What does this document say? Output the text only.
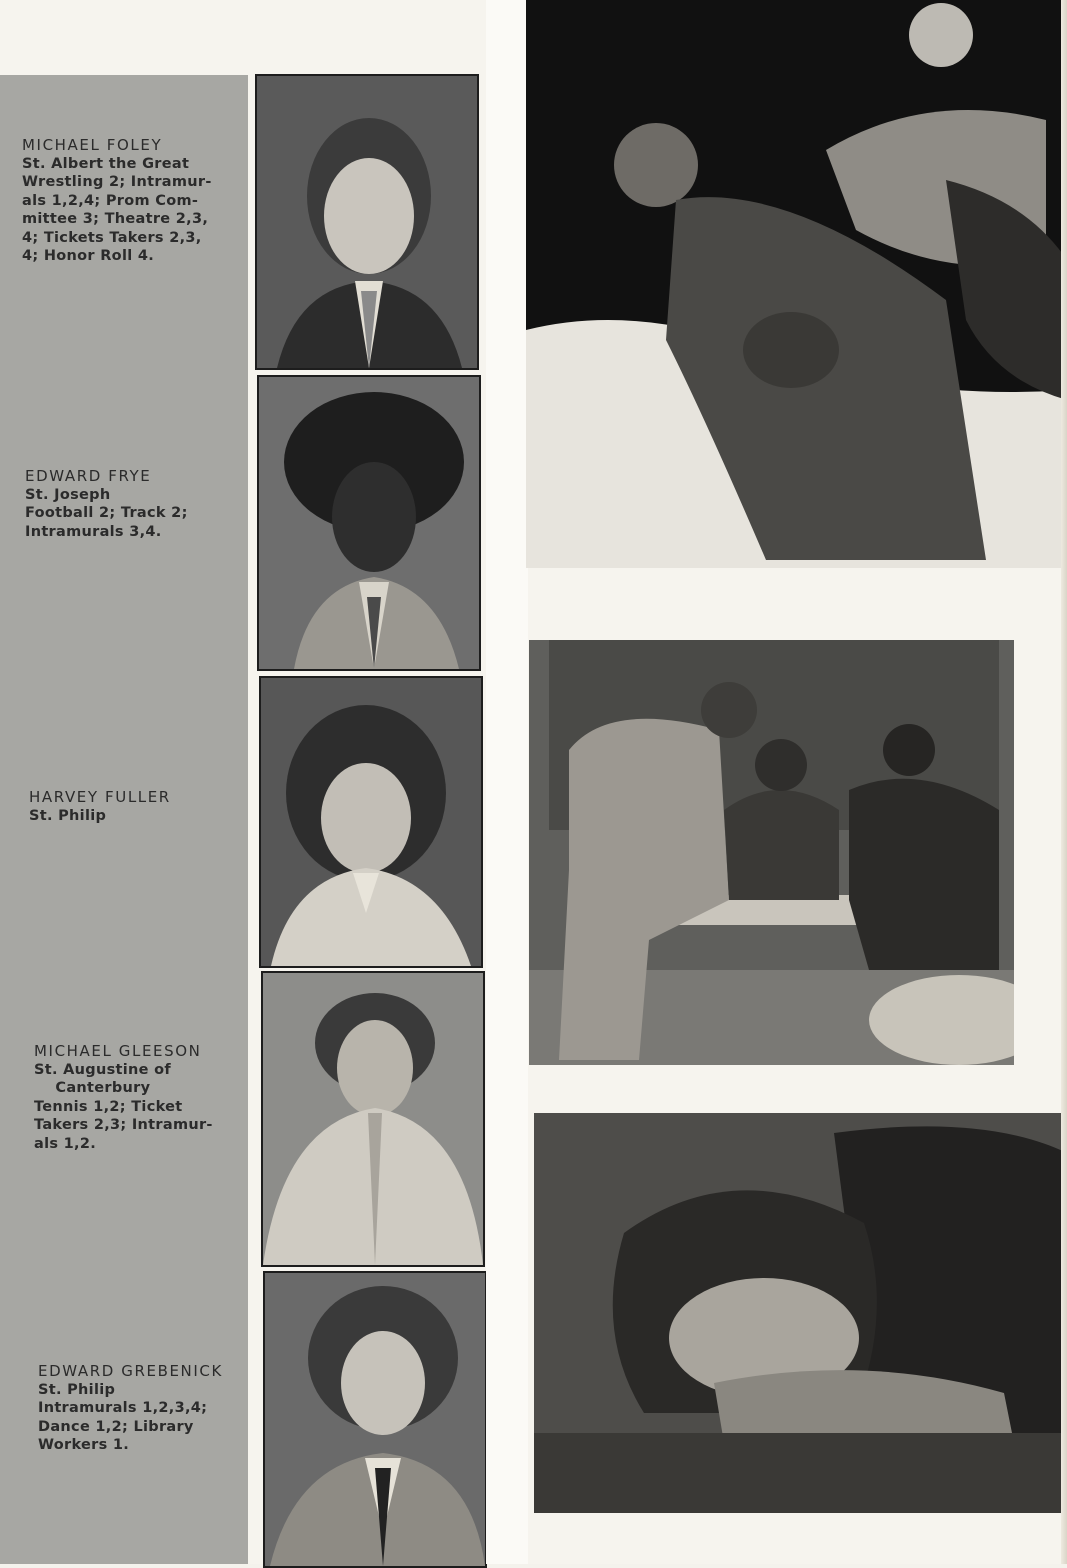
MICHAEL FOLEY
St. Albert the Great
Wrestling 2; Intramur-
als 1,2,4; Prom Com-
mittee 3; Theatre 2,3,
4; Tickets Takers 2,3,
4; Honor Roll 4.
EDWARD FRYE
St. Joseph
Football 2; Track 2;
Intramurals 3,4.
HARVEY FULLER
St. Philip
MICHAEL GLEESON
St. Augustine of
Canterbury
Tennis 1,2; Ticket
Takers 2,3; Intramur-
als 1,2.
EDWARD GREBENICK
St. Philip
Intramurals 1,2,3,4;
Dance 1,2; Library
Workers 1.
